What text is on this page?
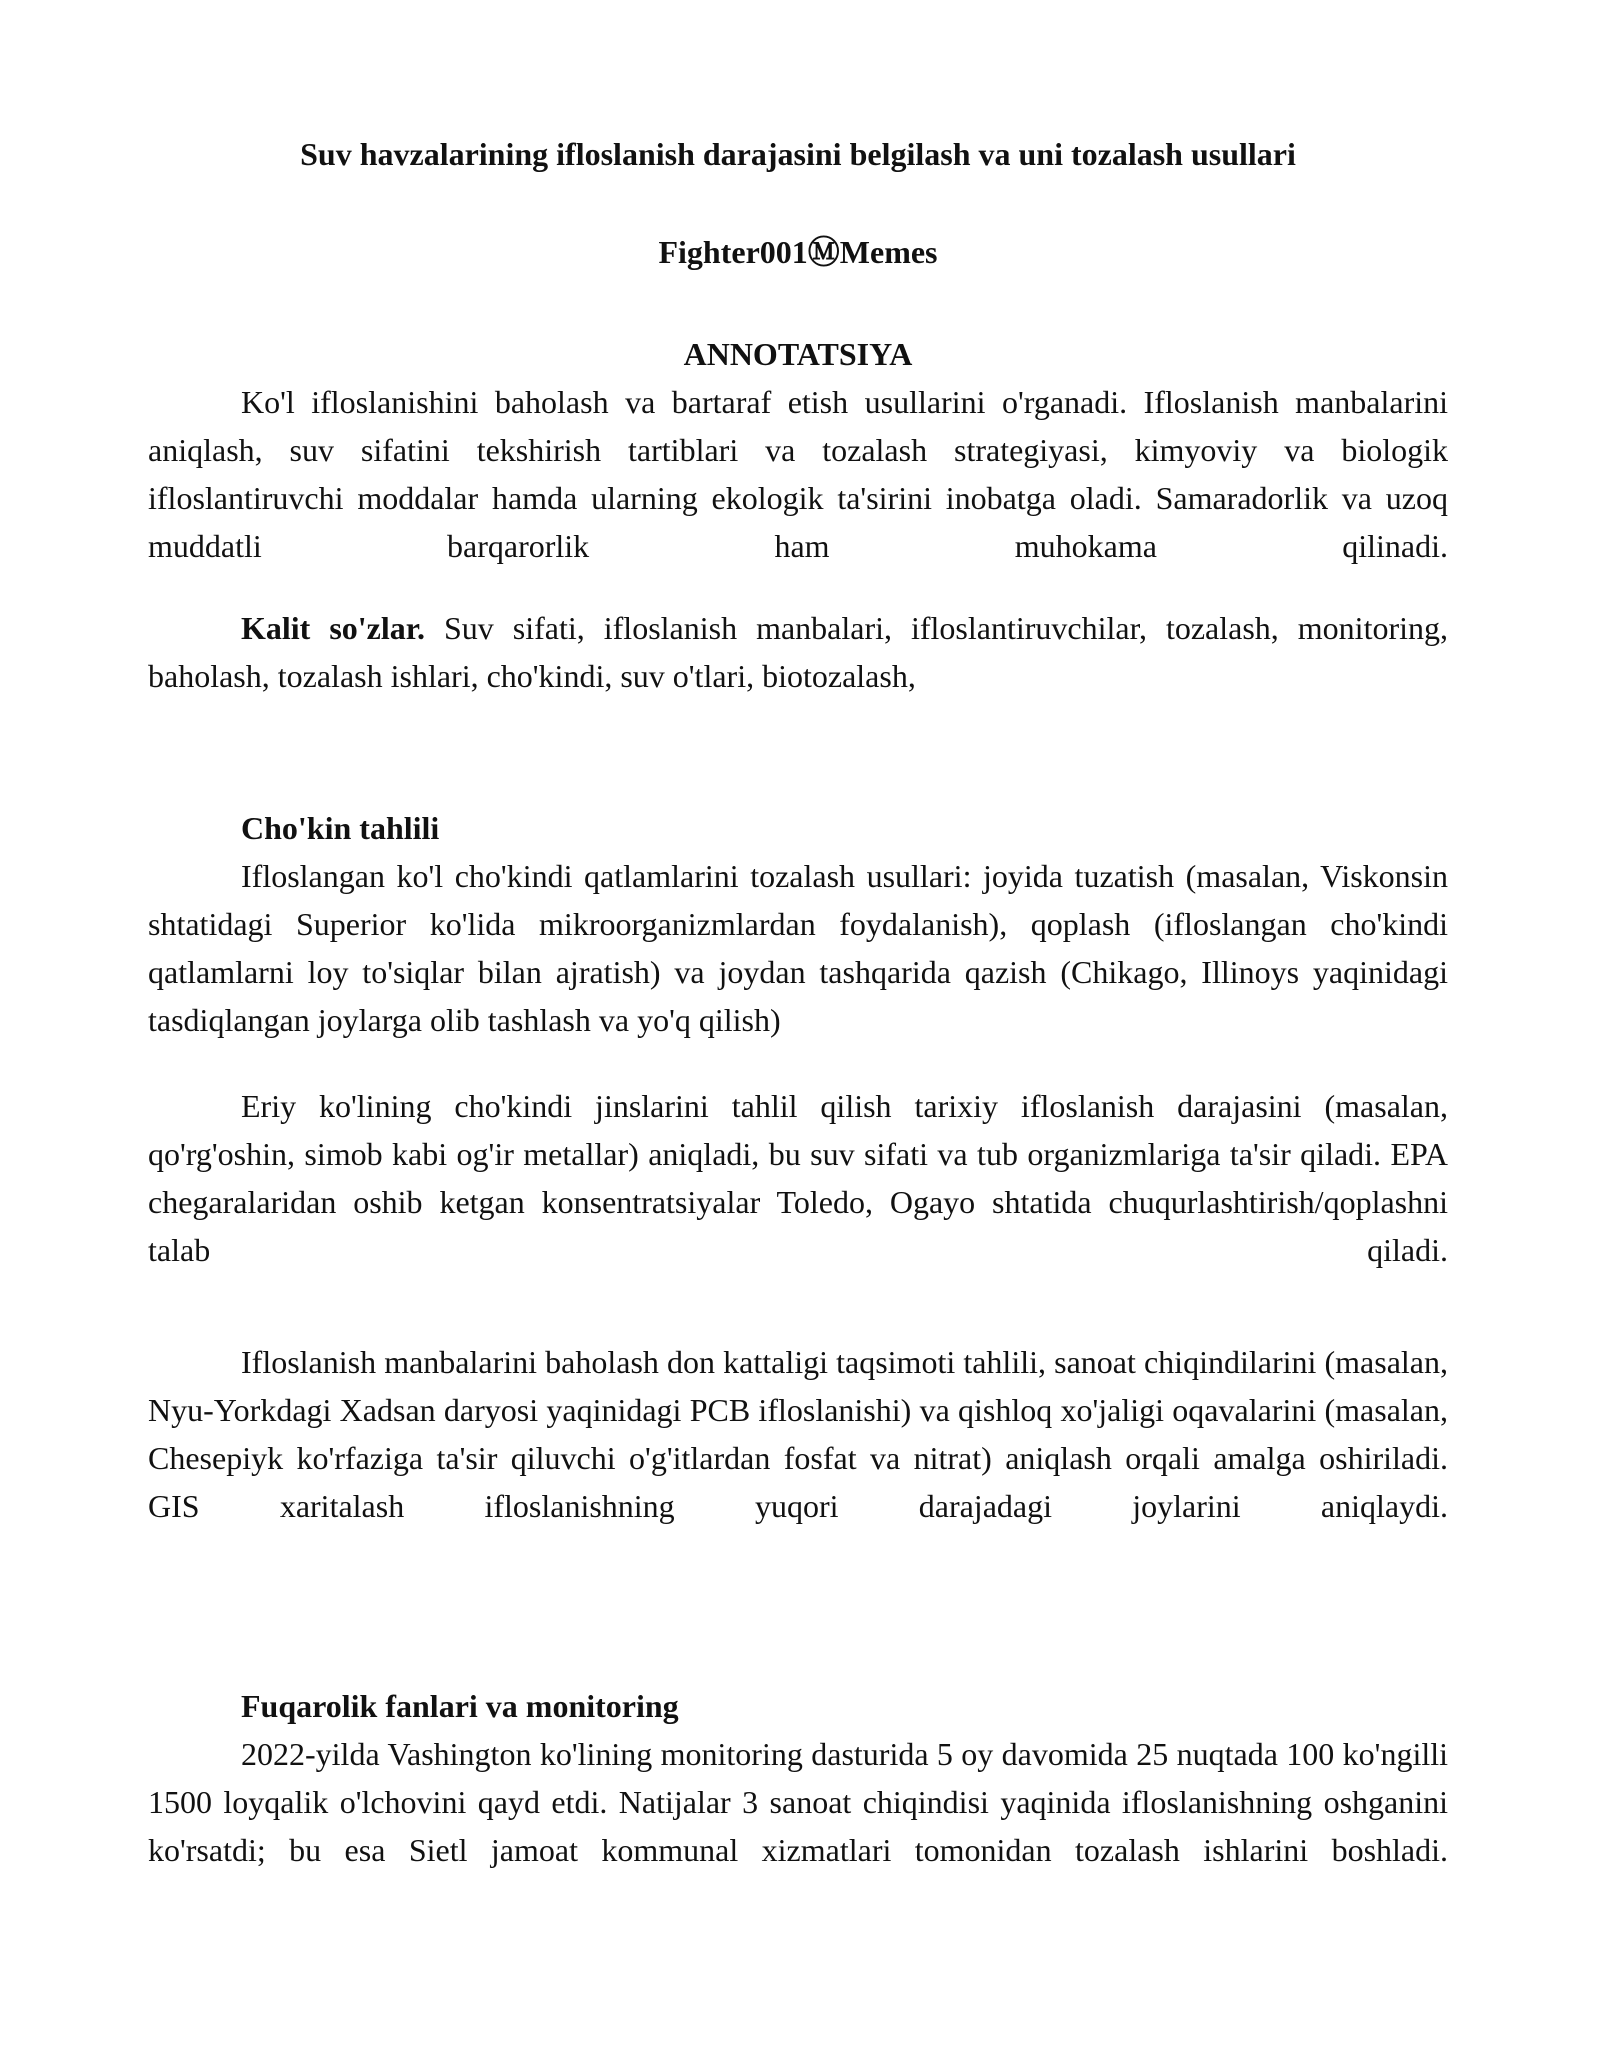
Suv havzalarining ifloslanish darajasini belgilash va uni tozalash usullari
Fighter001ⓂMemes
ANNOTATSIYA

Ko'l ifloslanishini baholash va bartaraf etish usullarini o'rganadi. Ifloslanish manbalarini aniqlash, suv sifatini tekshirish tartiblari va tozalash strategiyasi, kimyoviy va biologik ifloslantiruvchi moddalar hamda ularning ekologik ta'sirini inobatga oladi. Samaradorlik va uzoq muddatli barqarorlik ham muhokama qilinadi.

Kalit so'zlar. Suv sifati, ifloslanish manbalari, ifloslantiruvchilar, tozalash, monitoring, baholash, tozalash ishlari, cho'kindi, suv o'tlari, biotozalash,

Cho'kin tahlili

Ifloslangan ko'l cho'kindi qatlamlarini tozalash usullari: joyida tuzatish (masalan, Viskonsin shtatidagi Superior ko'lida mikroorganizmlardan foydalanish), qoplash (ifloslangan cho'kindi qatlamlarni loy to'siqlar bilan ajratish) va joydan tashqarida qazish (Chikago, Illinoys yaqinidagi tasdiqlangan joylarga olib tashlash va yo'q qilish)

Eriy ko'lining cho'kindi jinslarini tahlil qilish tarixiy ifloslanish darajasini (masalan, qo'rg'oshin, simob kabi og'ir metallar) aniqladi, bu suv sifati va tub organizmlariga ta'sir qiladi. EPA chegaralaridan oshib ketgan konsentratsiyalar Toledo, Ogayo shtatida chuqurlashtirish/qoplashni talab qiladi.

Ifloslanish manbalarini baholash don kattaligi taqsimoti tahlili, sanoat chiqindilarini (masalan, Nyu-Yorkdagi Xadsan daryosi yaqinidagi PCB ifloslanishi) va qishloq xo'jaligi oqavalarini (masalan, Chesepiyk ko'rfaziga ta'sir qiluvchi o'g'itlardan fosfat va nitrat) aniqlash orqali amalga oshiriladi. GIS xaritalash ifloslanishning yuqori darajadagi joylarini aniqlaydi.

Fuqarolik fanlari va monitoring

2022-yilda Vashington ko'lining monitoring dasturida 5 oy davomida 25 nuqtada 100 ko'ngilli 1500 loyqalik o'lchovini qayd etdi. Natijalar 3 sanoat chiqindisi yaqinida ifloslanishning oshganini ko'rsatdi; bu esa Sietl jamoat kommunal xizmatlari tomonidan tozalash ishlarini boshladi.
